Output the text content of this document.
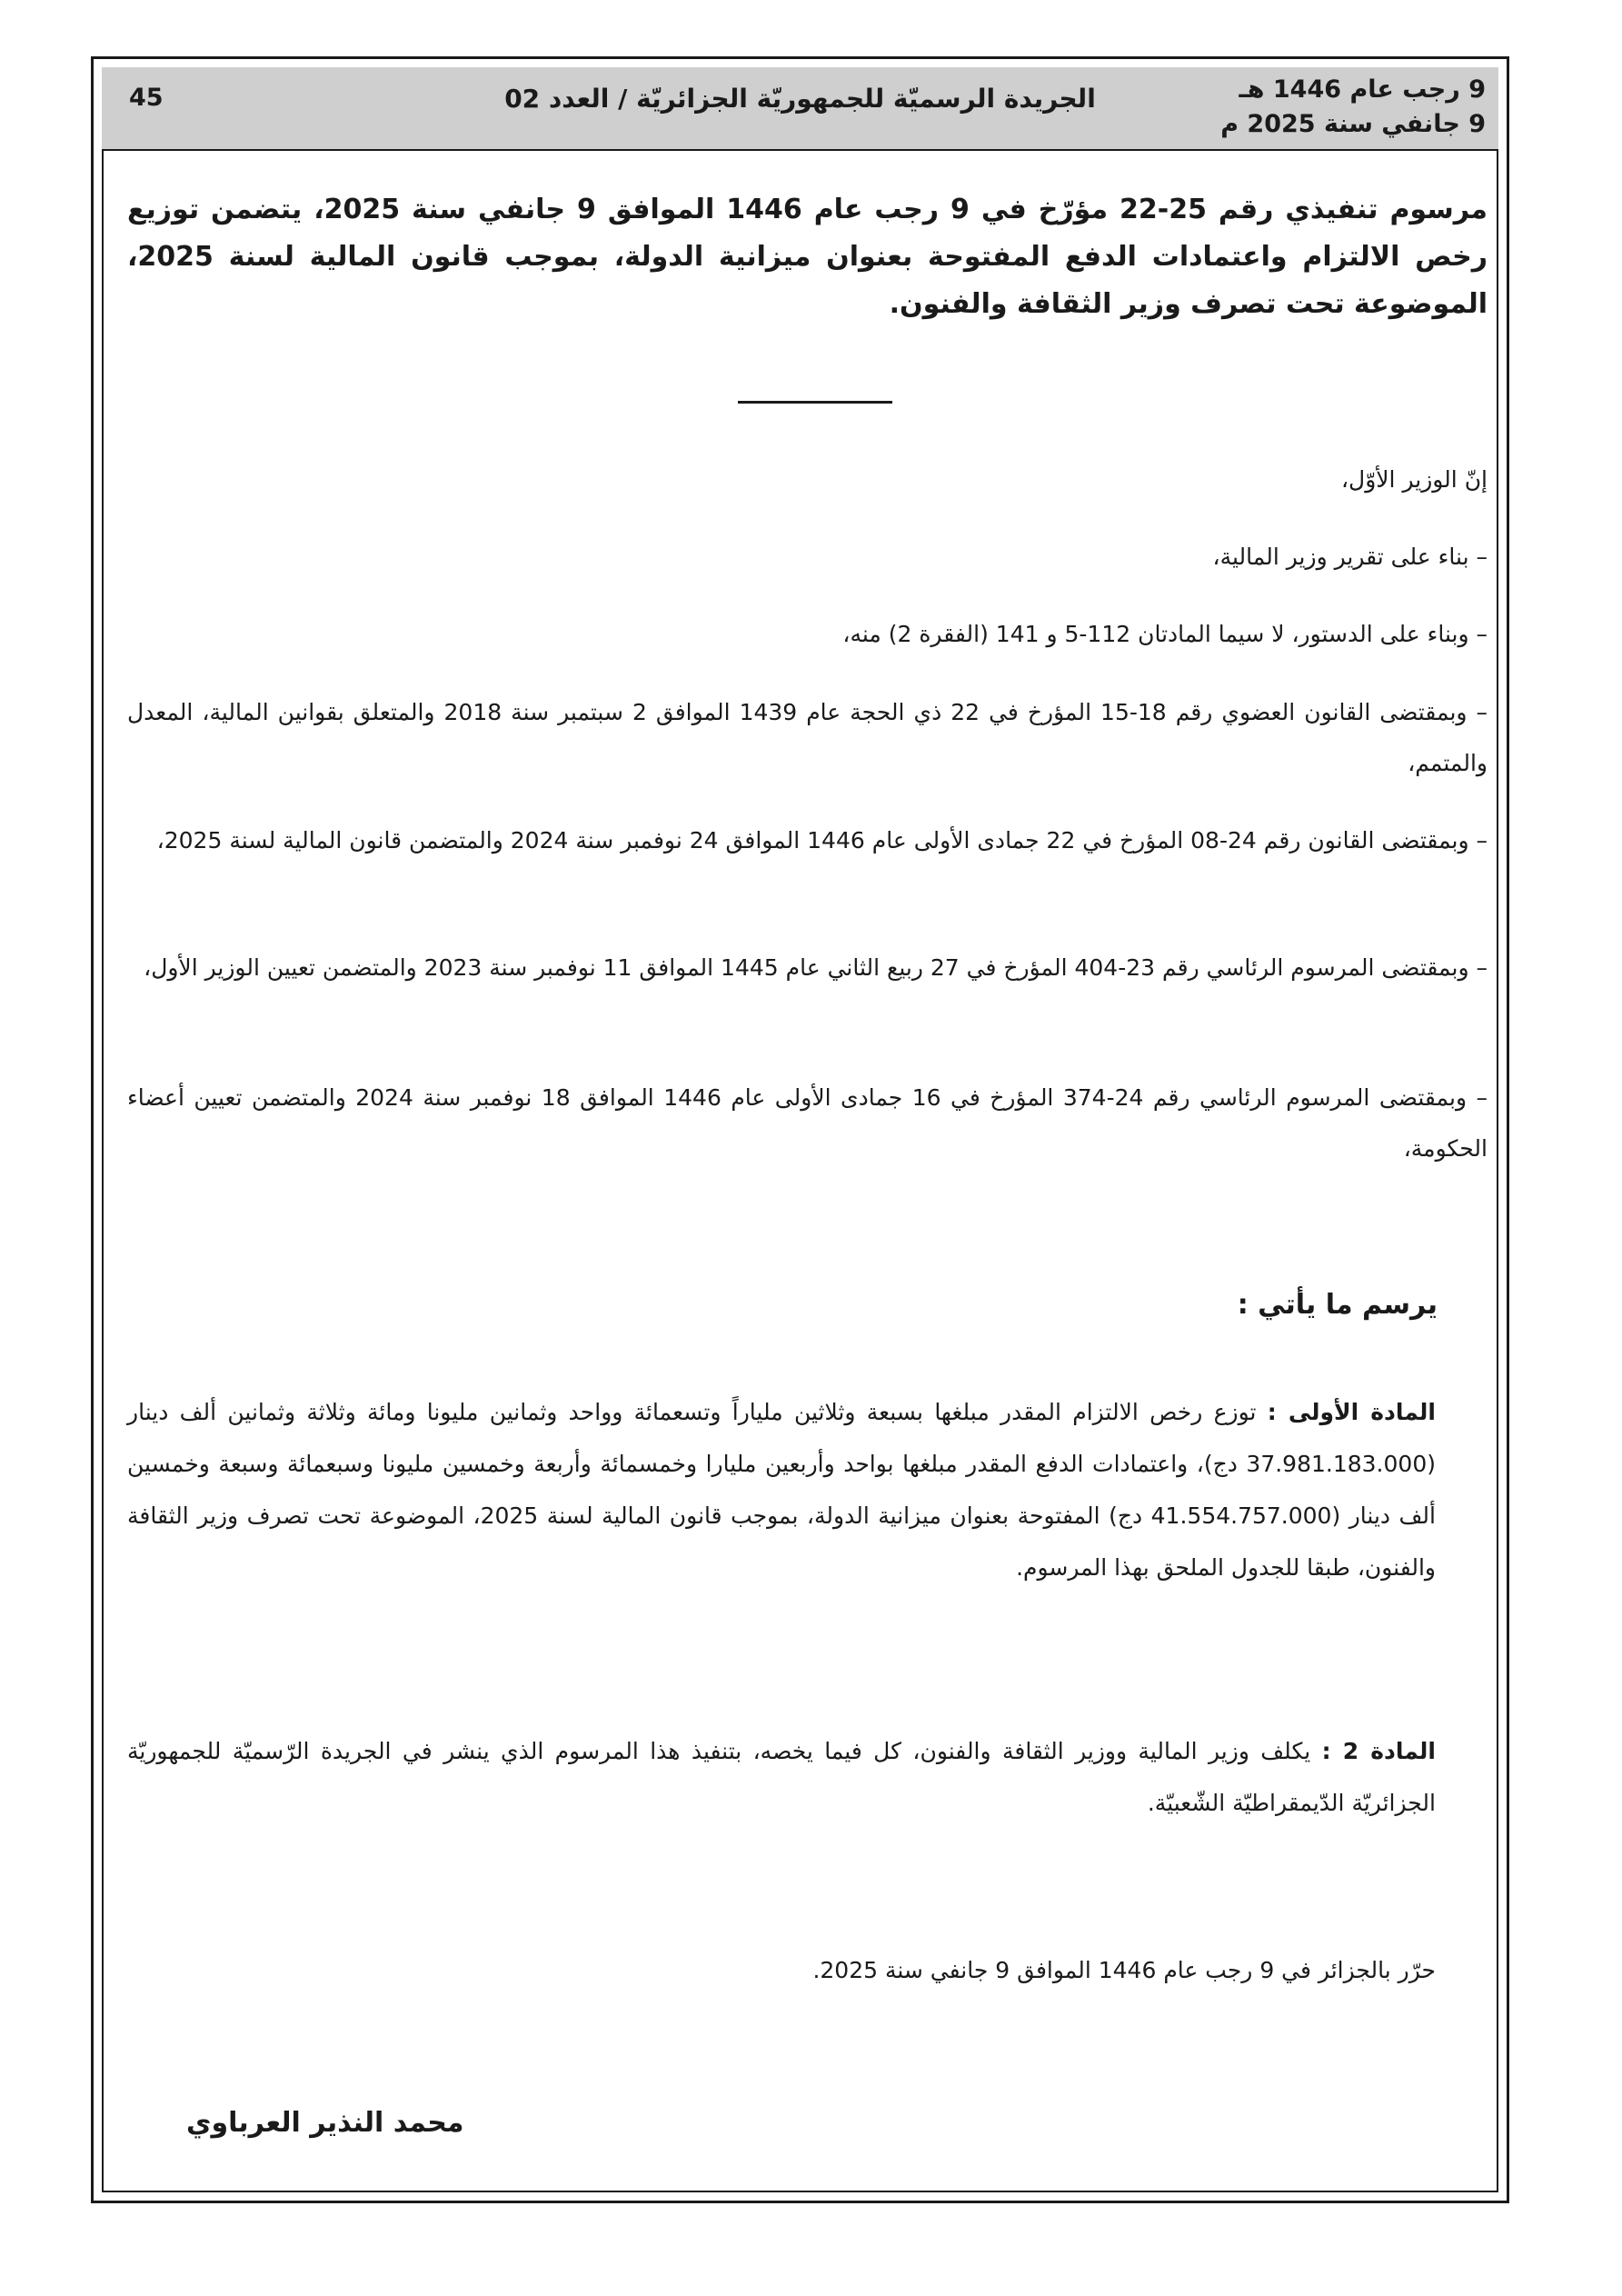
9 رجب عام 1446 هـ
9 جانفي سنة 2025 م
الجريدة الرسميّة للجمهوريّة الجزائريّة / العدد 02
45
مرسوم تنفيذي رقم 25-22 مؤرّخ في 9 رجب عام 1446 الموافق 9 جانفي سنة 2025، يتضمن توزيع رخص الالتزام واعتمادات الدفع المفتوحة بعنوان ميزانية الدولة، بموجب قانون المالية لسنة 2025، الموضوعة تحت تصرف وزير الثقافة والفنون.
إنّ الوزير الأوّل،
– بناء على تقرير وزير المالية،
– وبناء على الدستور، لا سيما المادتان 112-5 و 141 (الفقرة 2) منه،
– وبمقتضى القانون العضوي رقم 18-15 المؤرخ في 22 ذي الحجة عام 1439 الموافق 2 سبتمبر سنة 2018 والمتعلق بقوانين المالية، المعدل والمتمم،
– وبمقتضى القانون رقم 24-08 المؤرخ في 22 جمادى الأولى عام 1446 الموافق 24 نوفمبر سنة 2024 والمتضمن قانون المالية لسنة 2025،
– وبمقتضى المرسوم الرئاسي رقم 23-404 المؤرخ في 27 ربيع الثاني عام 1445 الموافق 11 نوفمبر سنة 2023 والمتضمن تعيين الوزير الأول،
– وبمقتضى المرسوم الرئاسي رقم 24-374 المؤرخ في 16 جمادى الأولى عام 1446 الموافق 18 نوفمبر سنة 2024 والمتضمن تعيين أعضاء الحكومة،
يرسم ما يأتي :
المادة الأولى : توزع رخص الالتزام المقدر مبلغها بسبعة وثلاثين ملياراً وتسعمائة وواحد وثمانين مليونا ومائة وثلاثة وثمانين ألف دينار (37.981.183.000 دج)، واعتمادات الدفع المقدر مبلغها بواحد وأربعين مليارا وخمسمائة وأربعة وخمسين مليونا وسبعمائة وسبعة وخمسين ألف دينار (41.554.757.000 دج) المفتوحة بعنوان ميزانية الدولة، بموجب قانون المالية لسنة 2025، الموضوعة تحت تصرف وزير الثقافة والفنون، طبقا للجدول الملحق بهذا المرسوم.
المادة 2 : يكلف وزير المالية ووزير الثقافة والفنون، كل فيما يخصه، بتنفيذ هذا المرسوم الذي ينشر في الجريدة الرّسميّة للجمهوريّة الجزائريّة الدّيمقراطيّة الشّعبيّة.
حرّر بالجزائر في 9 رجب عام 1446 الموافق 9 جانفي سنة 2025.
محمد النذير العرباوي
